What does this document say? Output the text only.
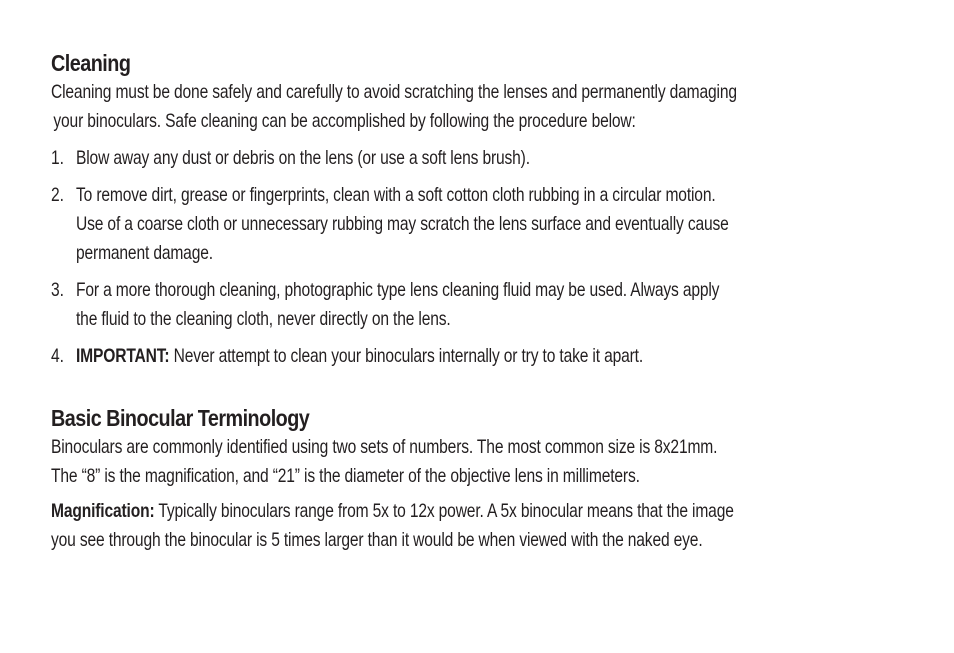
Cleaning
Cleaning must be done safely and carefully to avoid scratching the lenses and permanently damaging
your binoculars. Safe cleaning can be accomplished by following the procedure below:
1. Blow away any dust or debris on the lens (or use a soft lens brush).
2. To remove dirt, grease or fingerprints, clean with a soft cotton cloth rubbing in a circular motion.
Use of a coarse cloth or unnecessary rubbing may scratch the lens surface and eventually cause
permanent damage.
3. For a more thorough cleaning, photographic type lens cleaning fluid may be used. Always apply
the fluid to the cleaning cloth, never directly on the lens.
4. IMPORTANT: Never attempt to clean your binoculars internally or try to take it apart.
Basic Binocular Terminology
Binoculars are commonly identified using two sets of numbers. The most common size is 8x21mm.
The “8” is the magnification, and “21” is the diameter of the objective lens in millimeters.
Magnification: Typically binoculars range from 5x to 12x power. A 5x binocular means that the image
you see through the binocular is 5 times larger than it would be when viewed with the naked eye.
